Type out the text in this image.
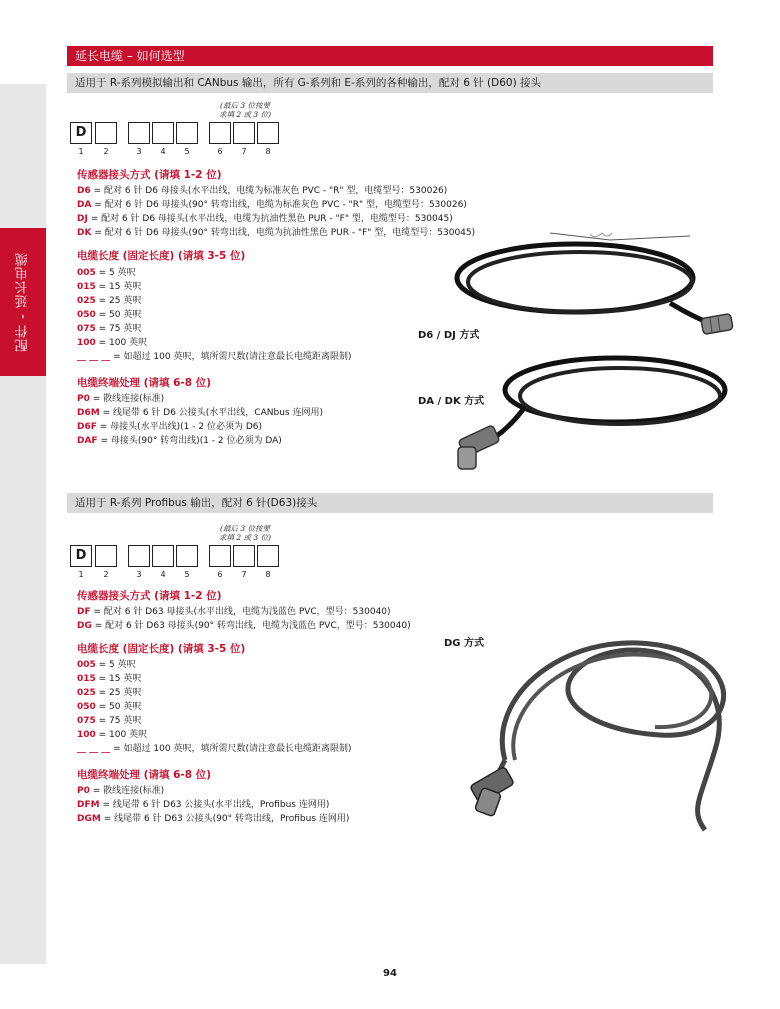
配件 - 延长电缆
延长电缆 – 如何选型
适用于 R-系列模拟输出和 CANbus 输出，所有 G-系列和 E-系列的各种输出，配对 6 针 (D60) 接头
(最后 3 位按要
求填 2 或 3 位)
D
1	2	3	4	5	6	7	8
传感器接头方式 (请填 1-2 位)
D6 = 配对 6 针 D6 母接头(水平出线，电缆为标准灰色 PVC - "R" 型，电缆型号：530026)
DA = 配对 6 针 D6 母接头(90° 转弯出线，电缆为标准灰色 PVC - "R" 型，电缆型号：530026)
DJ = 配对 6 针 D6 母接头(水平出线，电缆为抗油性黑色 PUR - "F" 型，电缆型号：530045)
DK = 配对 6 针 D6 母接头(90° 转弯出线，电缆为抗油性黑色 PUR - "F" 型，电缆型号：530045)
电缆长度 (固定长度) (请填 3-5 位)
005 = 5 英呎
015 = 15 英呎
025 = 25 英呎
050 = 50 英呎
075 = 75 英呎
100 = 100 英呎
__ __ __ = 如超过 100 英呎，填所需尺数(请注意最长电缆距离限制)
电缆终端处理 (请填 6-8 位)
P0 = 散线连接(标准)
D6M = 线尾带 6 针 D6 公接头(水平出线，CANbus 连网用)
D6F = 母接头(水平出线)(1 - 2 位必须为 D6)
DAF = 母接头(90° 转弯出线)(1 - 2 位必须为 DA)
D6 / DJ 方式
DA / DK 方式
适用于 R-系列 Profibus 输出，配对 6 针(D63)接头
(最后 3 位按要
求填 2 或 3 位)
D
1	2	3	4	5	6	7	8
传感器接头方式 (请填 1-2 位)
DF = 配对 6 针 D63 母接头(水平出线，电缆为浅蓝色 PVC，型号：530040)
DG = 配对 6 针 D63 母接头(90° 转弯出线，电缆为浅蓝色 PVC，型号：530040)
电缆长度 (固定长度) (请填 3-5 位)
005 = 5 英呎
015 = 15 英呎
025 = 25 英呎
050 = 50 英呎
075 = 75 英呎
100 = 100 英呎
__ __ __ = 如超过 100 英呎，填所需尺数(请注意最长电缆距离限制)
电缆终端处理 (请填 6-8 位)
P0 = 散线连接(标准)
DFM = 线尾带 6 针 D63 公接头(水平出线，Profibus 连网用)
DGM = 线尾带 6 针 D63 公接头(90° 转弯出线，Profibus 连网用)
DG 方式
94
